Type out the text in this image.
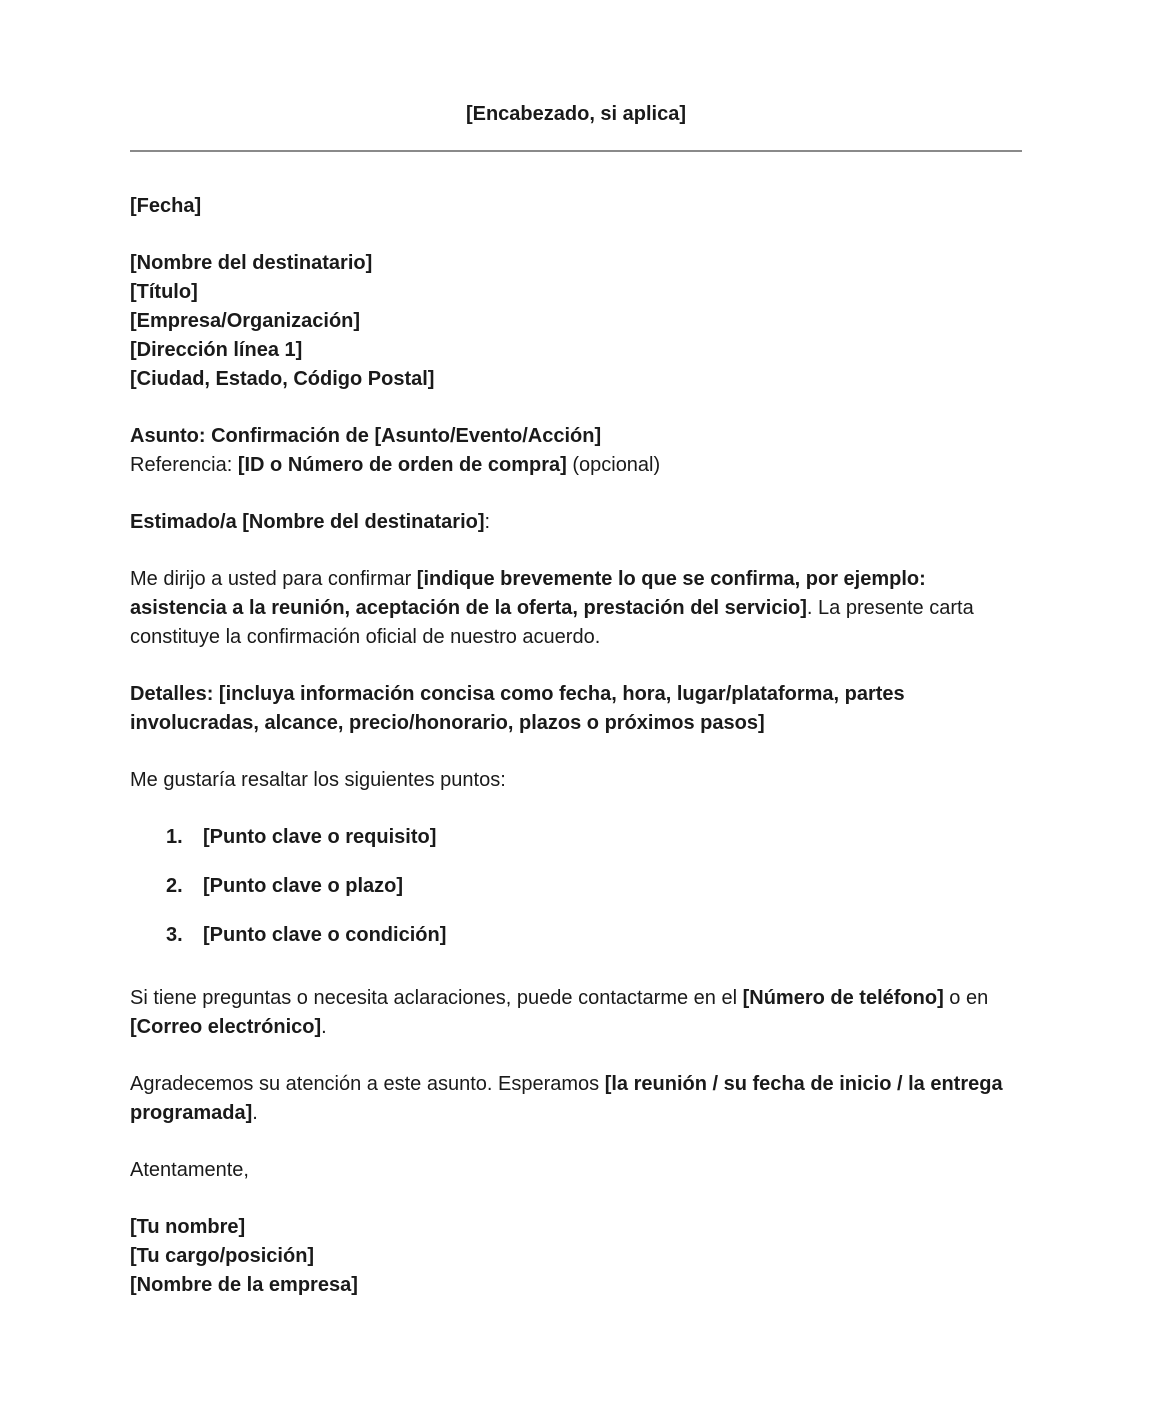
[Encabezado, si aplica]

[Fecha]

[Nombre del destinatario]
[Título]
[Empresa/Organización]
[Dirección línea 1]
[Ciudad, Estado, Código Postal]
Asunto: Confirmación de [Asunto/Evento/Acción]
Referencia: [ID o Número de orden de compra] (opcional)

Estimado/a [Nombre del destinatario]:

Me dirijo a usted para confirmar [indique brevemente lo que se confirma, por ejemplo: asistencia a la reunión, aceptación de la oferta, prestación del servicio]. La presente carta constituye la confirmación oficial de nuestro acuerdo.

Detalles: [incluya información concisa como fecha, hora, lugar/plataforma, partes involucradas, alcance, precio/honorario, plazos o próximos pasos]

Me gustaría resaltar los siguientes puntos:

[Punto clave o requisito]
[Punto clave o plazo]
[Punto clave o condición]

Si tiene preguntas o necesita aclaraciones, puede contactarme en el [Número de teléfono] o en [Correo electrónico].

Agradecemos su atención a este asunto. Esperamos [la reunión / su fecha de inicio / la entrega programada].

Atentamente,

[Tu nombre]
[Tu cargo/posición]
[Nombre de la empresa]
